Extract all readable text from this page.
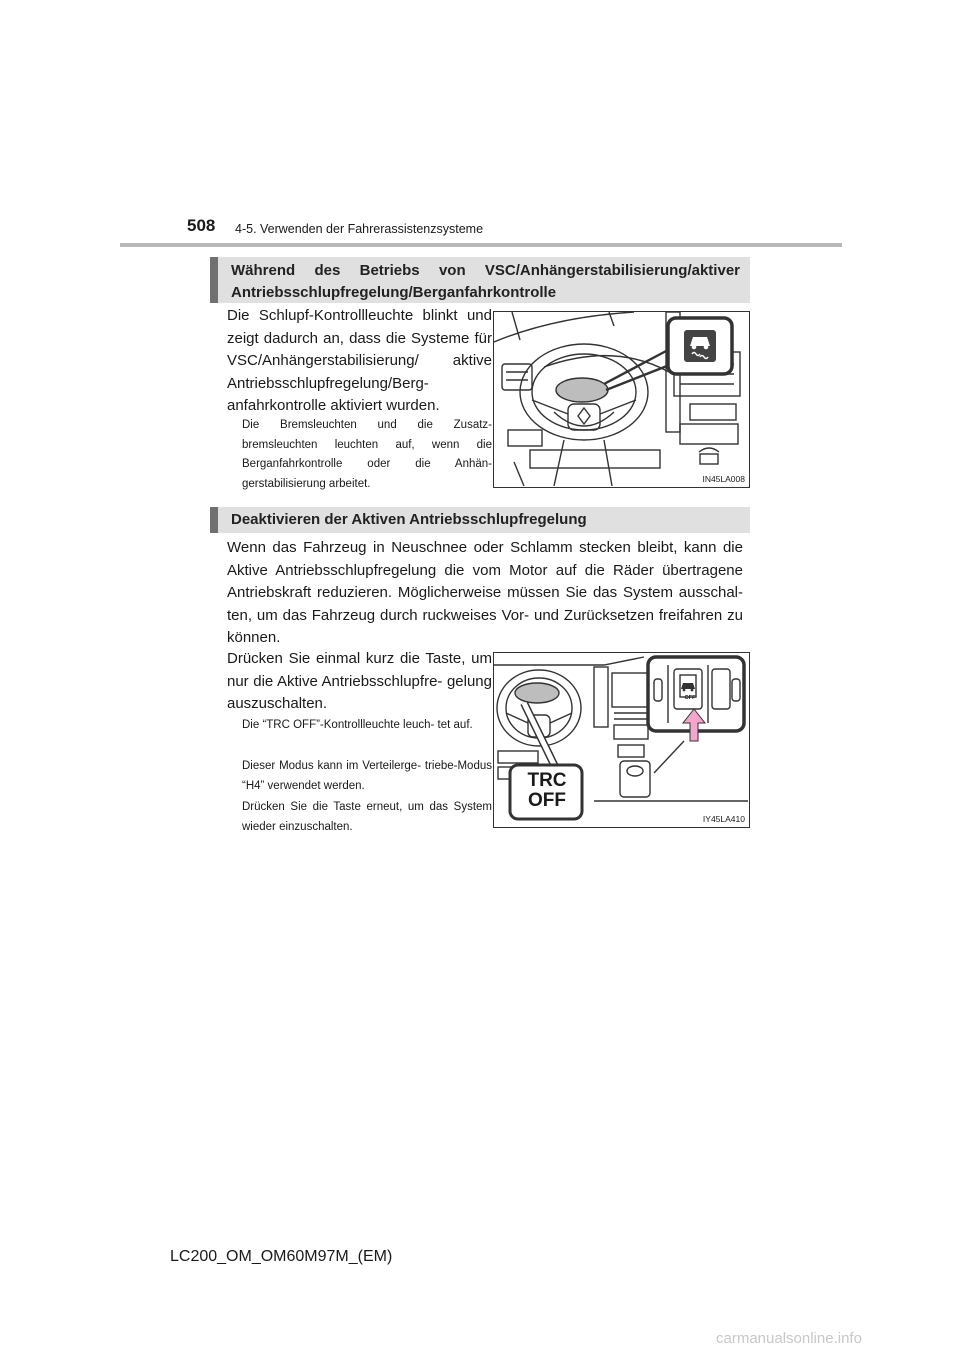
508 4-5. Verwenden der Fahrerassistenzsysteme
Während des Betriebs von VSC/Anhängerstabilisierung/aktiver
Antriebsschlupfregelung/Berganfahrkontrolle
Die Schlupf-Kontrollleuchte blinkt und zeigt dadurch an, dass die Systeme für VSC/Anhängerstabilisierung/ aktive Antriebsschlupfregelung/Berg- anfahrkontrolle aktiviert wurden.
Die Bremsleuchten und die Zusatz- bremsleuchten leuchten auf, wenn die Berganfahrkontrolle oder die Anhän- gerstabilisierung arbeitet.	IN45LA008
Deaktivieren der Aktiven Antriebsschlupfregelung
Wenn das Fahrzeug in Neuschnee oder Schlamm stecken bleibt, kann die Aktive Antriebsschlupfregelung die vom Motor auf die Räder übertragene Antriebskraft reduzieren. Möglicherweise müssen Sie das System ausschal- ten, um das Fahrzeug durch ruckweises Vor- und Zurücksetzen freifahren zu können.
Drücken Sie einmal kurz die Taste, um nur die Aktive Antriebsschlupfre- gelung auszuschalten.
Die “TRC OFF”-Kontrollleuchte leuch- tet auf.
Dieser Modus kann im Verteilerge- triebe-Modus “H4” verwendet werden.
Drücken Sie die Taste erneut, um das System wieder einzuschalten.
OFF
TRC
OFF
IY45LA410
LC200_OM_OM60M97M_(EM)
carmanualsonline.info
